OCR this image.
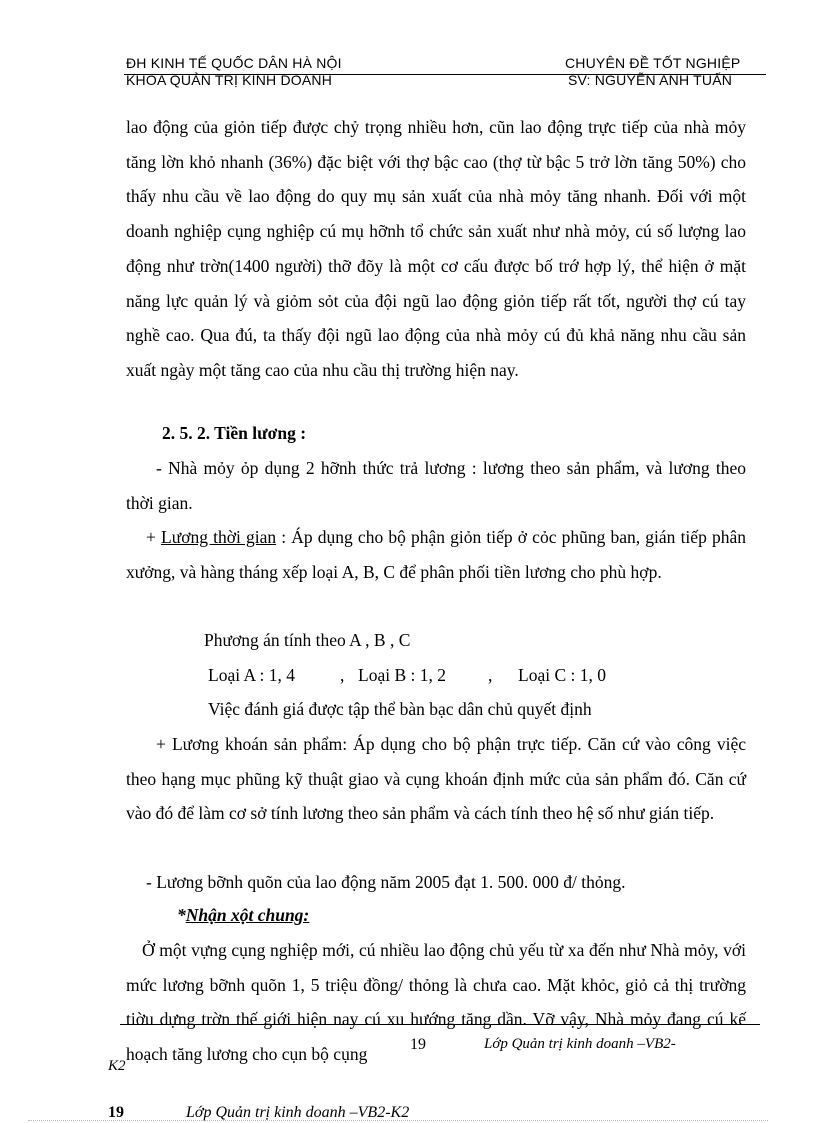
ĐH KINH TẾ QUỐC DÂN HÀ NỘI
KHOA QUẢN TRỊ KINH DOANH
CHUYÊN ĐỀ TỐT NGHIỆP
SV: NGUYỄN ANH TUẤN
lao động của giỏn tiếp được chỷ trọng nhiều hơn, cũn lao động trực tiếp của nhà mỏy tăng lờn khỏ nhanh (36%) đặc biệt với thợ bậc cao (thợ từ bậc 5 trở lờn tăng 50%) cho thấy nhu cầu về lao động do quy mụ sản xuất của nhà mỏy tăng nhanh. Đối với một doanh nghiệp cụng nghiệp cú mụ hỡnh tổ chức sản xuất như nhà mỏy, cú số lượng lao động như trờn(1400 người) thỡ đõy là một cơ cấu được bố trớ hợp lý, thể hiện ở mặt năng lực quản lý và giỏm sỏt của đội ngũ lao động giỏn tiếp rất tốt, người thợ cú tay nghề cao. Qua đú, ta thấy đội ngũ lao động của nhà mỏy cú đủ khả năng nhu cầu sản xuất ngày một tăng cao của nhu cầu thị trường hiện nay.
2. 5. 2. Tiền lương :
- Nhà mỏy ỏp dụng 2 hỡnh thức trả lương : lương theo sản phẩm, và lương theo thời gian.
+ Lương thời gian : Áp dụng cho bộ phận giỏn tiếp ở cỏc phũng ban, gián tiếp phân xưởng, và hàng tháng xếp loại A, B, C để phân phối tiền lương cho phù hợp.
Phương án tính theo A , B , C
Loại A : 1, 4	, Loại B : 1, 2 , Loại C : 1, 0
Việc đánh giá được tập thể bàn bạc dân chủ quyết định
+ Lương khoán sản phẩm: Áp dụng cho bộ phận trực tiếp. Căn cứ vào công việc theo hạng mục phũng kỹ thuật giao và cụng khoán định mức của sản phẩm đó. Căn cứ vào đó để làm cơ sở tính lương theo sản phẩm và cách tính theo hệ số như gián tiếp.
- Lương bỡnh quõn của lao động năm 2005 đạt 1. 500. 000 đ/ thỏng.
*Nhận xột chung:
Ở một vựng cụng nghiệp mới, cú nhiều lao động chủ yếu từ xa đến như Nhà mỏy, với mức lương bỡnh quõn 1, 5 triệu đồng/ thỏng là chưa cao. Mặt khỏc, giỏ cả thị trường tiờu dựng trờn thế giới hiện nay cú xu hướng tăng dần. Vỡ vậy, Nhà mỏy đang cú kế hoạch tăng lương cho cụn bộ cụng	19	Lớp Quản trị kinh doanh –VB2-
K2
19	Lớp Quản trị kinh doanh –VB2-K2
